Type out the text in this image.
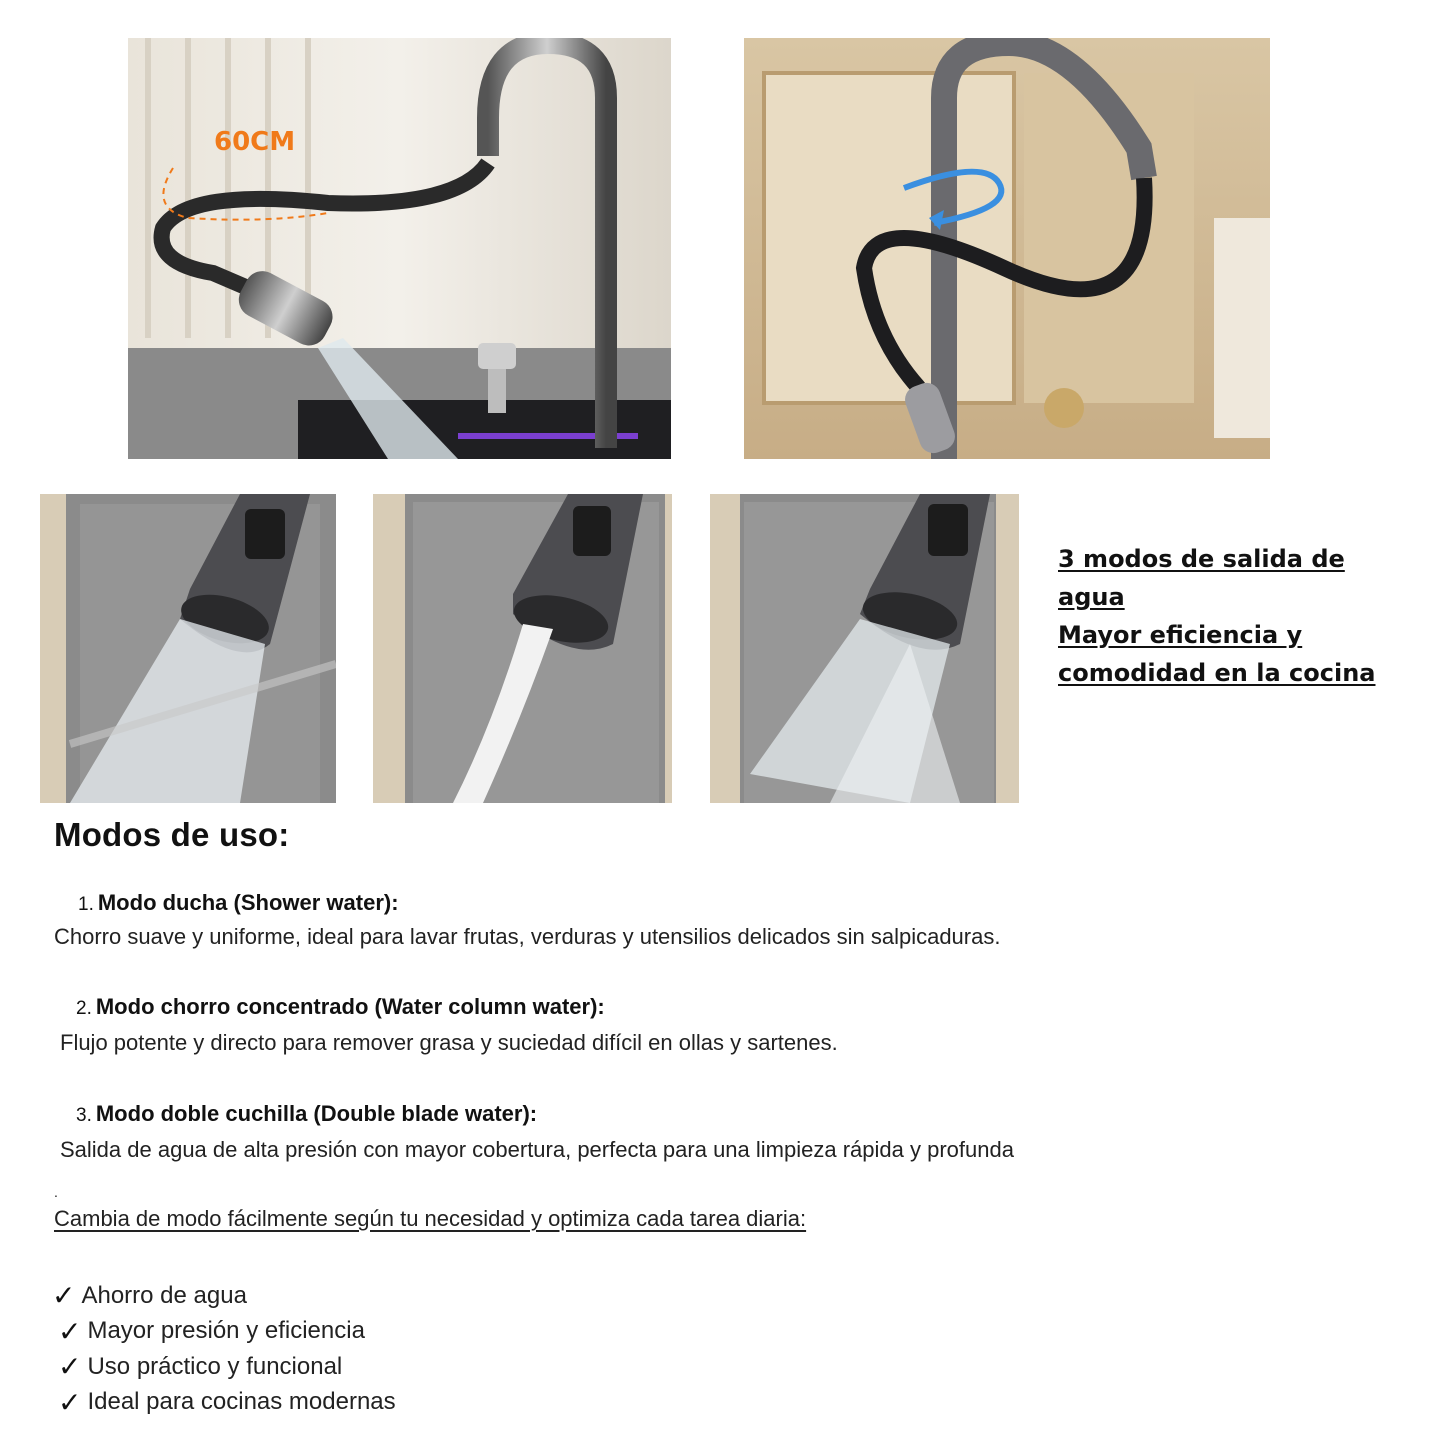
60CM
3 modos de salida de
agua
Mayor eficiencia y
comodidad en la cocina
Modos de uso:
1. Modo ducha (Shower water):
Chorro suave y uniforme, ideal para lavar frutas, verduras y utensilios delicados sin salpicaduras.
2. Modo chorro concentrado (Water column water):
Flujo potente y directo para remover grasa y suciedad difícil en ollas y sartenes.
3. Modo doble cuchilla (Double blade water):
Salida de agua de alta presión con mayor cobertura, perfecta para una limpieza rápida y profunda
.
Cambia de modo fácilmente según tu necesidad y optimiza cada tarea diaria:
✓ Ahorro de agua
✓ Mayor presión y eficiencia
✓ Uso práctico y funcional
✓ Ideal para cocinas modernas
